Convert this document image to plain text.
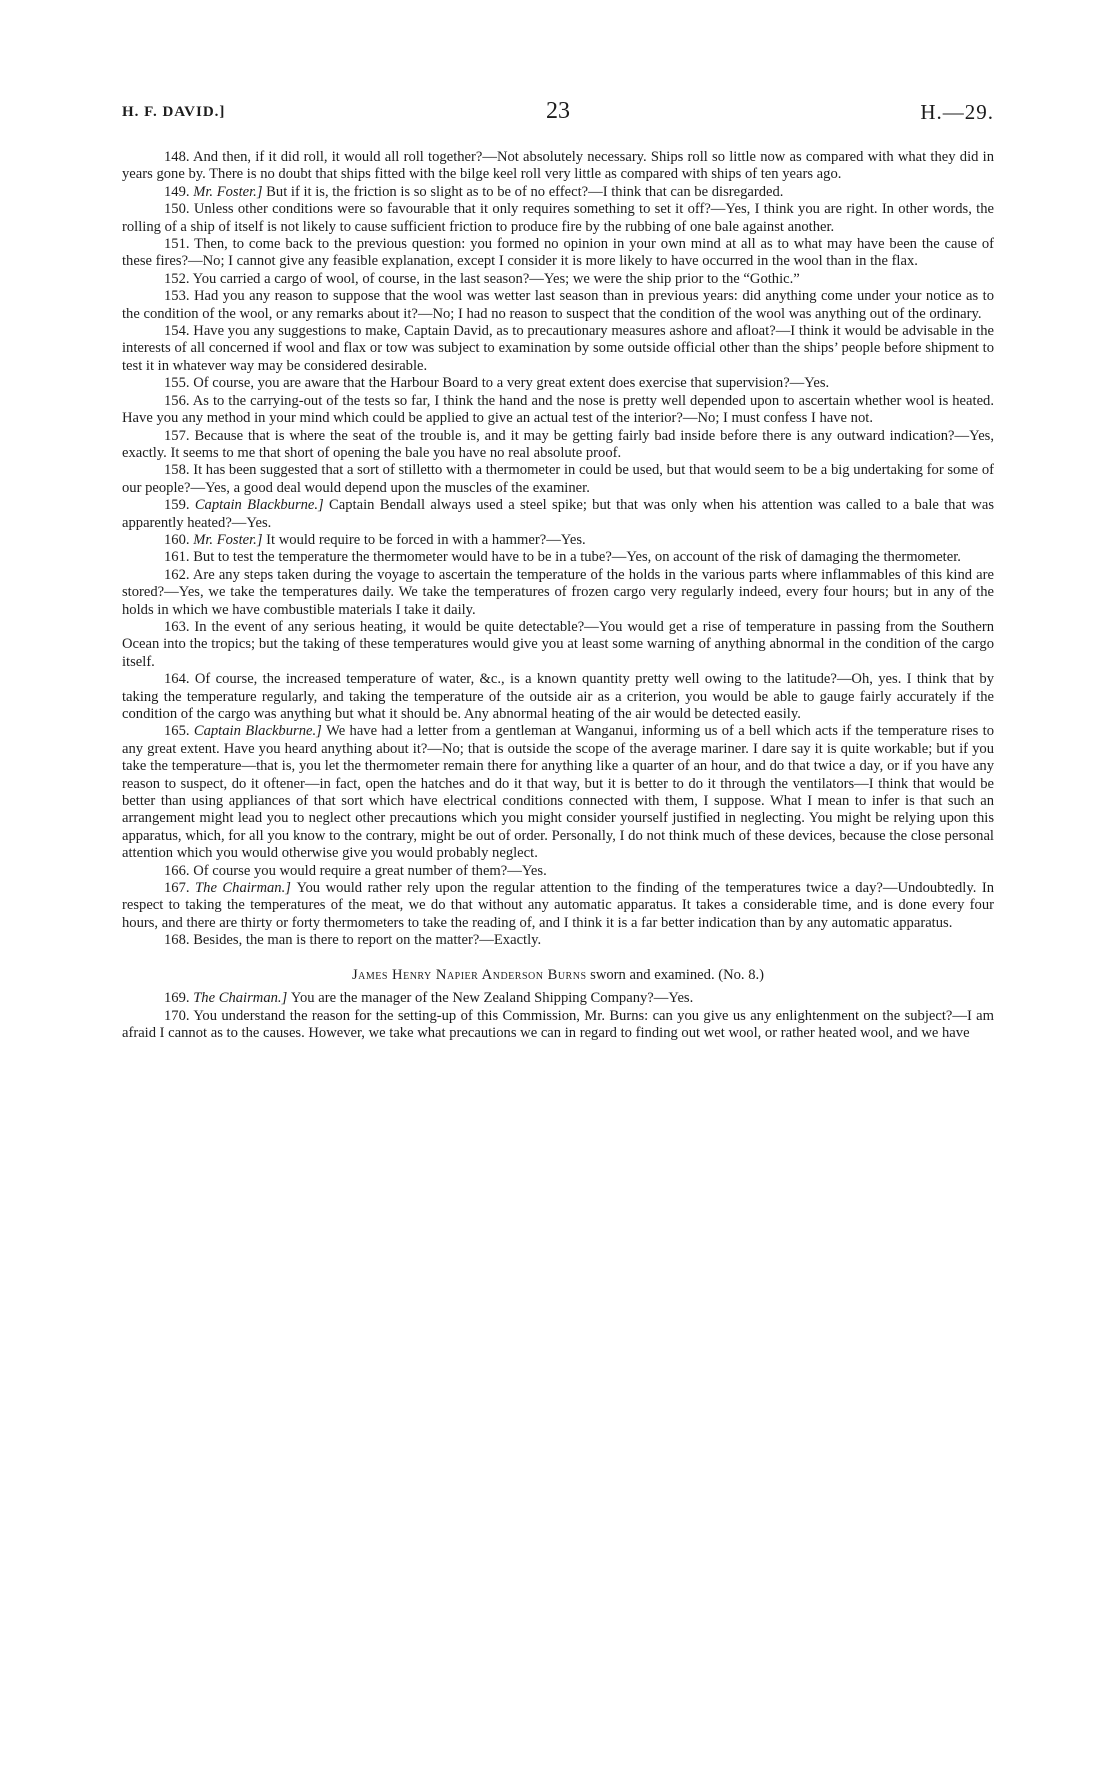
H. F. DAVID.]	23	H.—29.

148. And then, if it did roll, it would all roll together?—Not absolutely necessary. Ships roll so little now as compared with what they did in years gone by. There is no doubt that ships fitted with the bilge keel roll very little as compared with ships of ten years ago.

149. Mr. Foster.] But if it is, the friction is so slight as to be of no effect?—I think that can be disregarded.

150. Unless other conditions were so favourable that it only requires something to set it off?—Yes, I think you are right. In other words, the rolling of a ship of itself is not likely to cause sufficient friction to produce fire by the rubbing of one bale against another.

151. Then, to come back to the previous question: you formed no opinion in your own mind at all as to what may have been the cause of these fires?—No; I cannot give any feasible explanation, except I consider it is more likely to have occurred in the wool than in the flax.

152. You carried a cargo of wool, of course, in the last season?—Yes; we were the ship prior to the “Gothic.”

153. Had you any reason to suppose that the wool was wetter last season than in previous years: did anything come under your notice as to the condition of the wool, or any remarks about it?—No; I had no reason to suspect that the condition of the wool was anything out of the ordinary.

154. Have you any suggestions to make, Captain David, as to precautionary measures ashore and afloat?—I think it would be advisable in the interests of all concerned if wool and flax or tow was subject to examination by some outside official other than the ships’ people before shipment to test it in whatever way may be considered desirable.

155. Of course, you are aware that the Harbour Board to a very great extent does exercise that supervision?—Yes.

156. As to the carrying-out of the tests so far, I think the hand and the nose is pretty well depended upon to ascertain whether wool is heated. Have you any method in your mind which could be applied to give an actual test of the interior?—No; I must confess I have not.

157. Because that is where the seat of the trouble is, and it may be getting fairly bad inside before there is any outward indication?—Yes, exactly. It seems to me that short of opening the bale you have no real absolute proof.

158. It has been suggested that a sort of stilletto with a thermometer in could be used, but that would seem to be a big undertaking for some of our people?—Yes, a good deal would depend upon the muscles of the examiner.

159. Captain Blackburne.] Captain Bendall always used a steel spike; but that was only when his attention was called to a bale that was apparently heated?—Yes.

160. Mr. Foster.] It would require to be forced in with a hammer?—Yes.

161. But to test the temperature the thermometer would have to be in a tube?—Yes, on account of the risk of damaging the thermometer.

162. Are any steps taken during the voyage to ascertain the temperature of the holds in the various parts where inflammables of this kind are stored?—Yes, we take the temperatures daily. We take the temperatures of frozen cargo very regularly indeed, every four hours; but in any of the holds in which we have combustible materials I take it daily.

163. In the event of any serious heating, it would be quite detectable?—You would get a rise of temperature in passing from the Southern Ocean into the tropics; but the taking of these temperatures would give you at least some warning of anything abnormal in the condition of the cargo itself.

164. Of course, the increased temperature of water, &c., is a known quantity pretty well owing to the latitude?—Oh, yes. I think that by taking the temperature regularly, and taking the temperature of the outside air as a criterion, you would be able to gauge fairly accurately if the condition of the cargo was anything but what it should be. Any abnormal heating of the air would be detected easily.

165. Captain Blackburne.] We have had a letter from a gentleman at Wanganui, informing us of a bell which acts if the temperature rises to any great extent. Have you heard anything about it?—No; that is outside the scope of the average mariner. I dare say it is quite workable; but if you take the temperature—that is, you let the thermometer remain there for anything like a quarter of an hour, and do that twice a day, or if you have any reason to suspect, do it oftener—in fact, open the hatches and do it that way, but it is better to do it through the ventilators—I think that would be better than using appliances of that sort which have electrical conditions connected with them, I suppose. What I mean to infer is that such an arrangement might lead you to neglect other precautions which you might consider yourself justified in neglecting. You might be relying upon this apparatus, which, for all you know to the contrary, might be out of order. Personally, I do not think much of these devices, because the close personal attention which you would otherwise give you would probably neglect.

166. Of course you would require a great number of them?—Yes.

167. The Chairman.] You would rather rely upon the regular attention to the finding of the temperatures twice a day?—Undoubtedly. In respect to taking the temperatures of the meat, we do that without any automatic apparatus. It takes a considerable time, and is done every four hours, and there are thirty or forty thermometers to take the reading of, and I think it is a far better indication than by any automatic apparatus.

168. Besides, the man is there to report on the matter?—Exactly.

James Henry Napier Anderson Burns sworn and examined. (No. 8.)

169. The Chairman.] You are the manager of the New Zealand Shipping Company?—Yes.

170. You understand the reason for the setting-up of this Commission, Mr. Burns: can you give us any enlightenment on the subject?—I am afraid I cannot as to the causes. However, we take what precautions we can in regard to finding out wet wool, or rather heated wool, and we have
